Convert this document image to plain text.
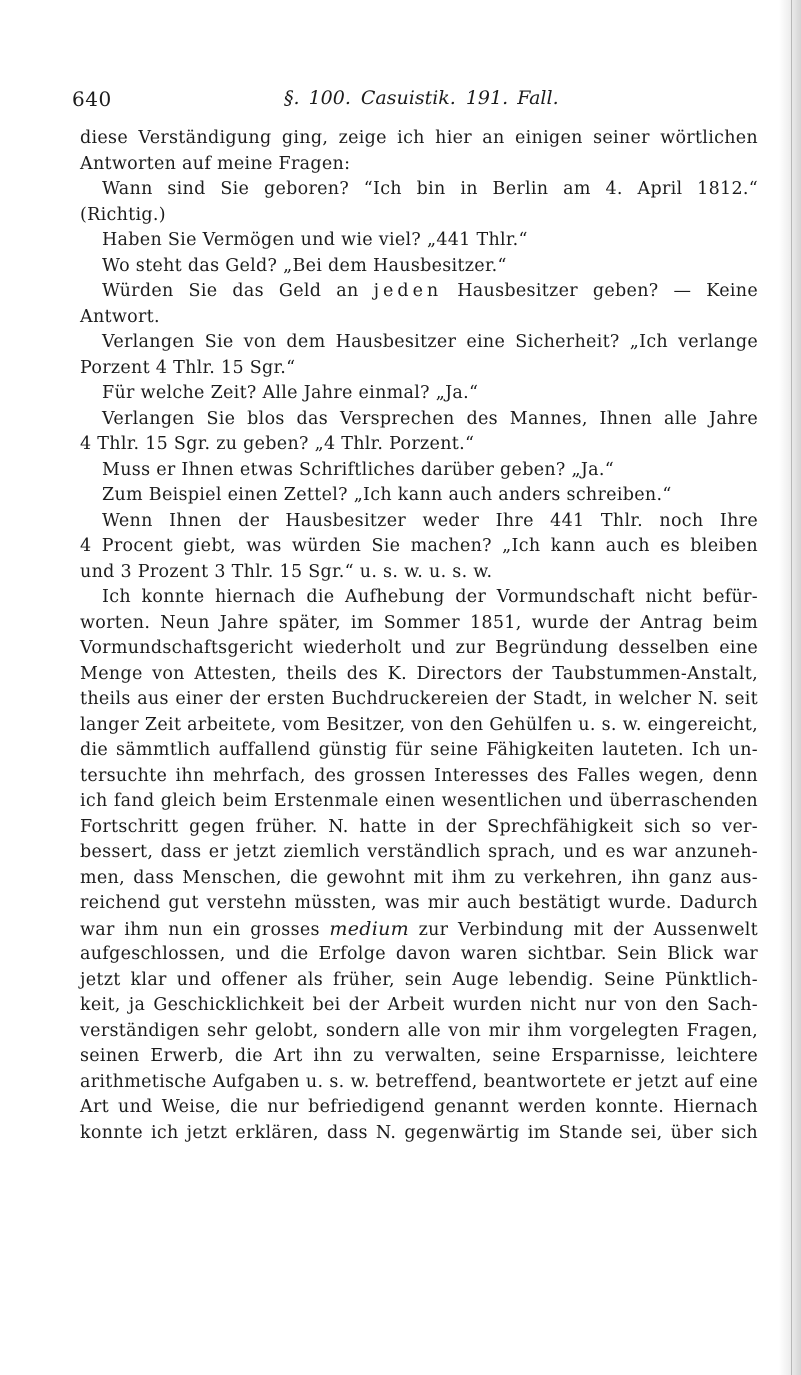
640	§. 100. Casuistik. 191. Fall.
diese Verständigung ging, zeige ich hier an einigen seiner wörtlichen
Antworten auf meine Fragen:
Wann sind Sie geboren? “Ich bin in Berlin am 4. April 1812.“
(Richtig.)
Haben Sie Vermögen und wie viel? „441 Thlr.“
Wo steht das Geld? „Bei dem Hausbesitzer.“
Würden Sie das Geld an jeden Hausbesitzer geben? — Keine
Antwort.
Verlangen Sie von dem Hausbesitzer eine Sicherheit? „Ich verlange
Porzent 4 Thlr. 15 Sgr.“
Für welche Zeit? Alle Jahre einmal? „Ja.“
Verlangen Sie blos das Versprechen des Mannes, Ihnen alle Jahre
4 Thlr. 15 Sgr. zu geben? „4 Thlr. Porzent.“
Muss er Ihnen etwas Schriftliches darüber geben? „Ja.“
Zum Beispiel einen Zettel? „Ich kann auch anders schreiben.“
Wenn Ihnen der Hausbesitzer weder Ihre 441 Thlr. noch Ihre
4 Procent giebt, was würden Sie machen? „Ich kann auch es bleiben
und 3 Prozent 3 Thlr. 15 Sgr.“ u. s. w. u. s. w.
Ich konnte hiernach die Aufhebung der Vormundschaft nicht befür-
worten. Neun Jahre später, im Sommer 1851, wurde der Antrag beim
Vormundschaftsgericht wiederholt und zur Begründung desselben eine
Menge von Attesten, theils des K. Directors der Taubstummen-Anstalt,
theils aus einer der ersten Buchdruckereien der Stadt, in welcher N. seit
langer Zeit arbeitete, vom Besitzer, von den Gehülfen u. s. w. eingereicht,
die sämmtlich auffallend günstig für seine Fähigkeiten lauteten. Ich un-
tersuchte ihn mehrfach, des grossen Interesses des Falles wegen, denn
ich fand gleich beim Erstenmale einen wesentlichen und überraschenden
Fortschritt gegen früher. N. hatte in der Sprechfähigkeit sich so ver-
bessert, dass er jetzt ziemlich verständlich sprach, und es war anzuneh-
men, dass Menschen, die gewohnt mit ihm zu verkehren, ihn ganz aus-
reichend gut verstehn müssten, was mir auch bestätigt wurde. Dadurch
war ihm nun ein grosses medium zur Verbindung mit der Aussenwelt
aufgeschlossen, und die Erfolge davon waren sichtbar. Sein Blick war
jetzt klar und offener als früher, sein Auge lebendig. Seine Pünktlich-
keit, ja Geschicklichkeit bei der Arbeit wurden nicht nur von den Sach-
verständigen sehr gelobt, sondern alle von mir ihm vorgelegten Fragen,
seinen Erwerb, die Art ihn zu verwalten, seine Ersparnisse, leichtere
arithmetische Aufgaben u. s. w. betreffend, beantwortete er jetzt auf eine
Art und Weise, die nur befriedigend genannt werden konnte. Hiernach
konnte ich jetzt erklären, dass N. gegenwärtig im Stande sei, über sich
